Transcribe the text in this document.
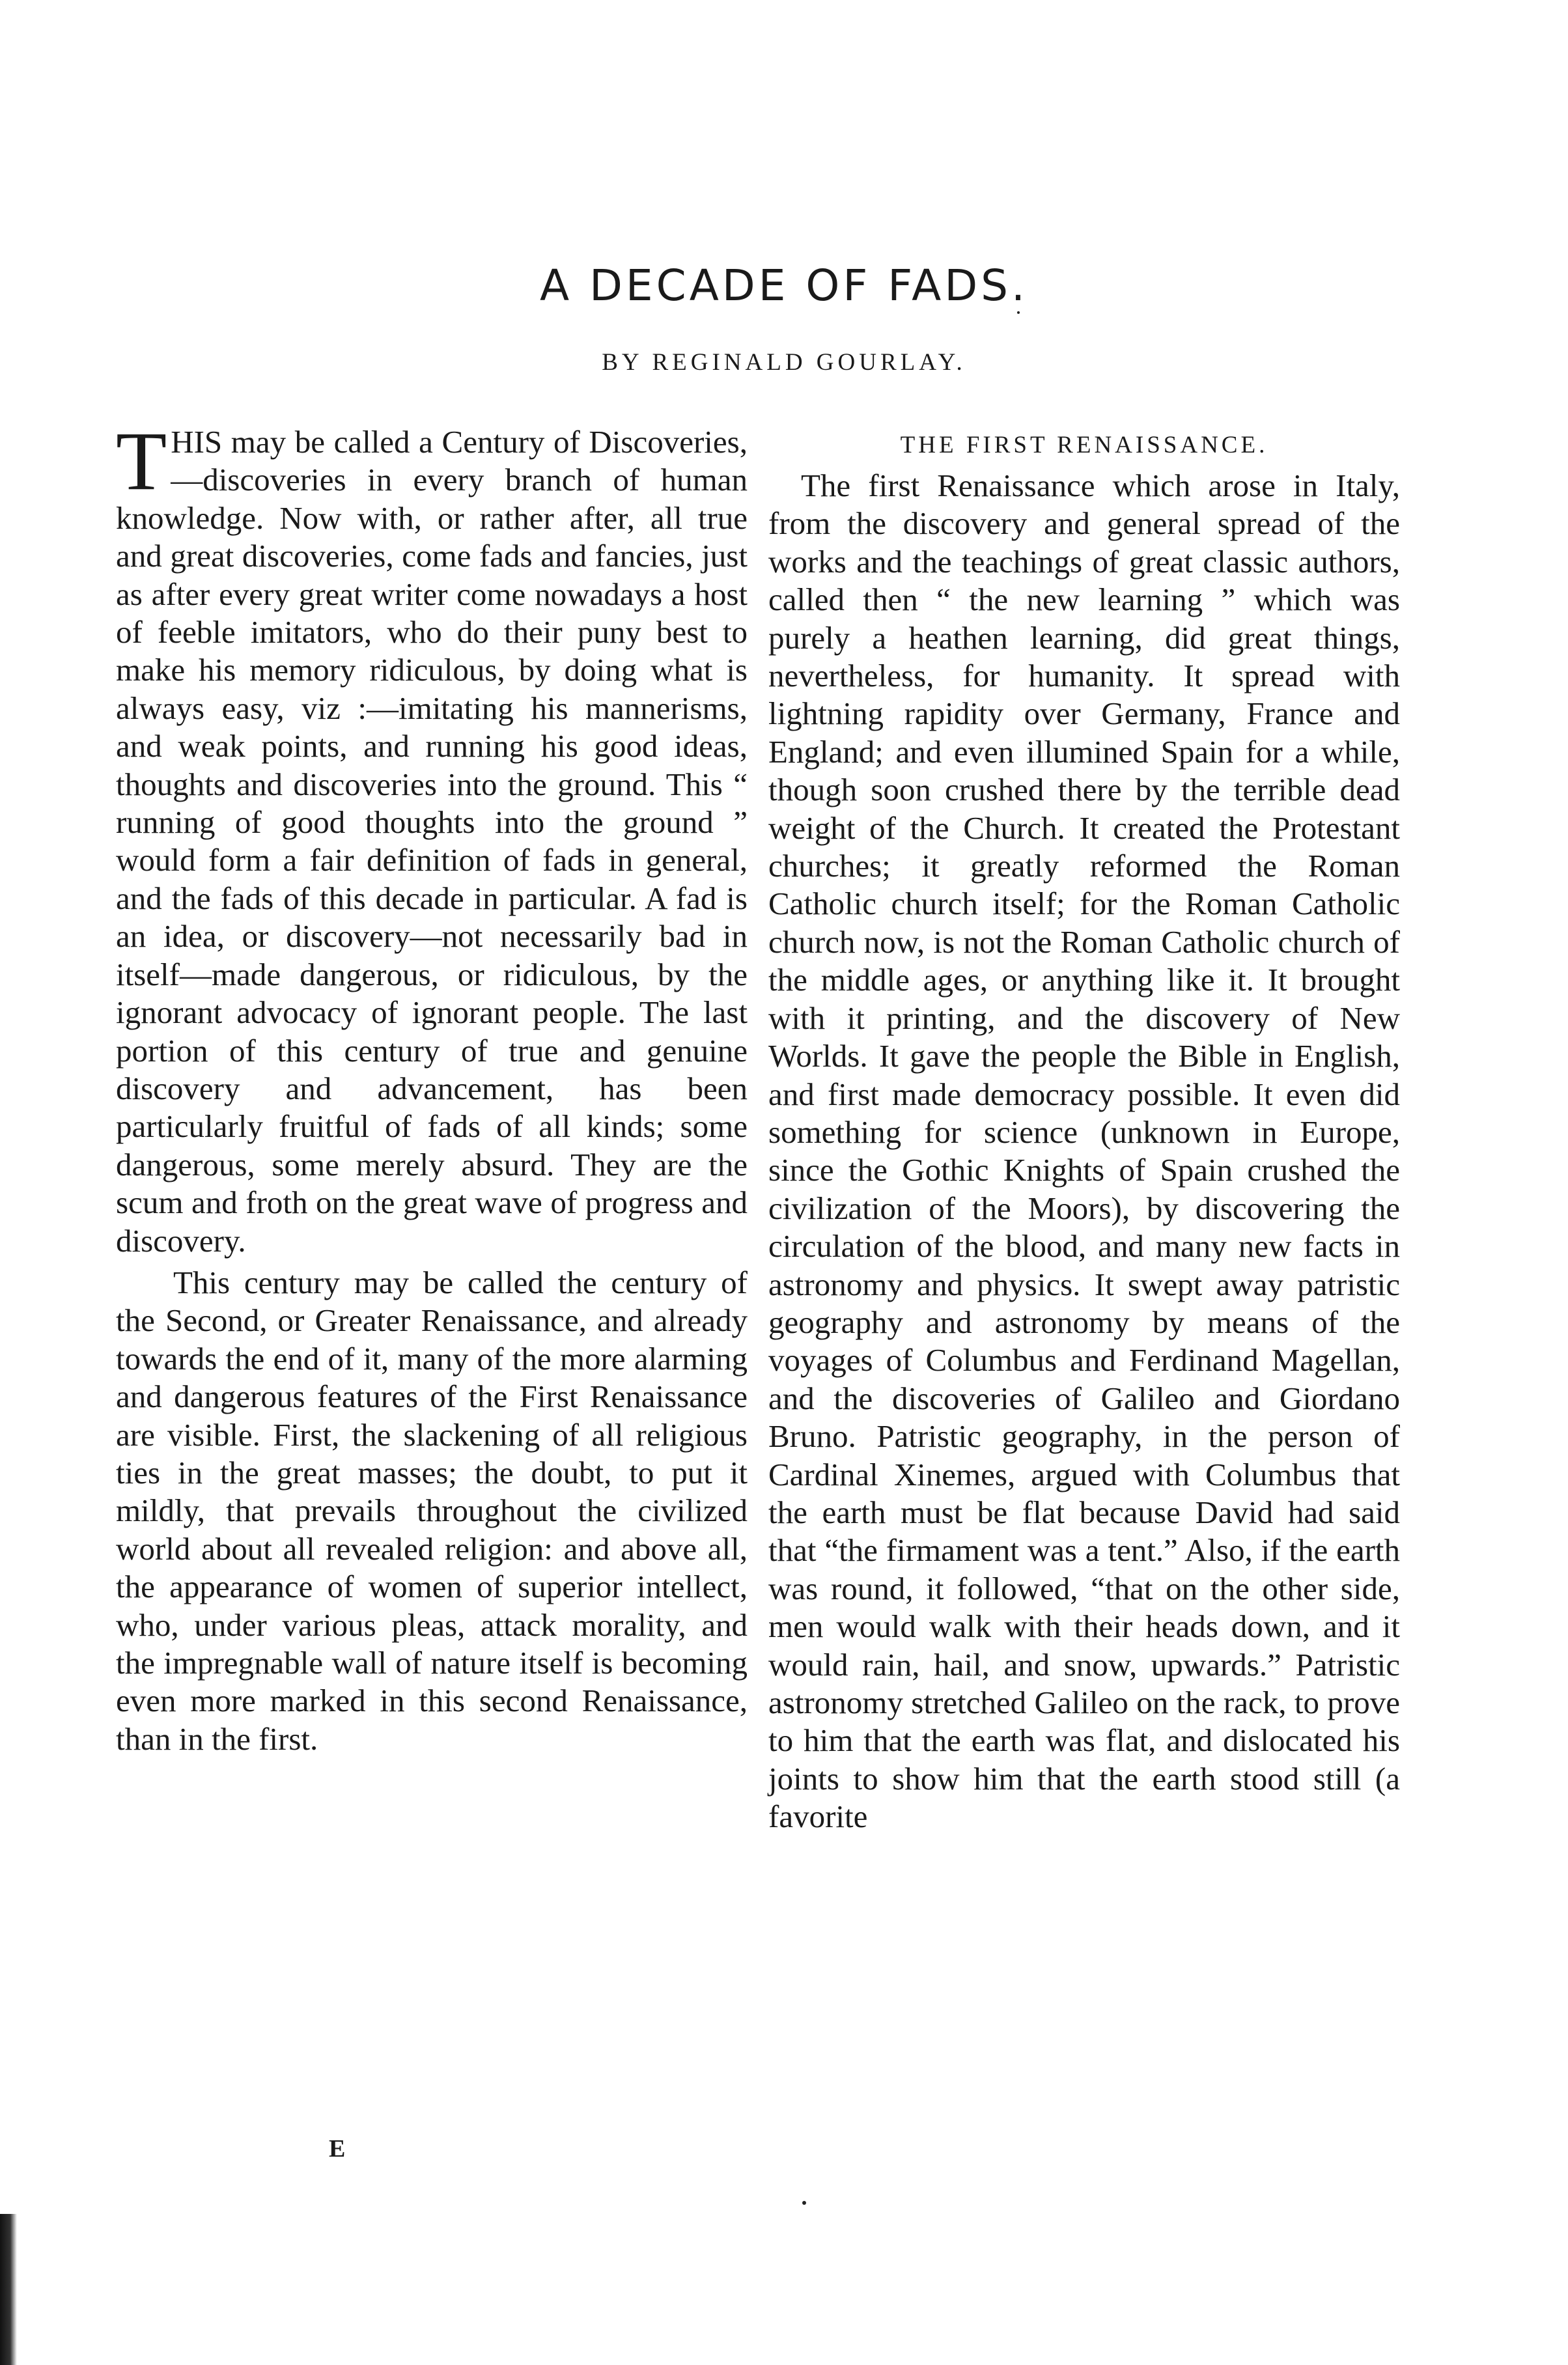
A DECADE OF FADS.
BY REGINALD GOURLAY.

THIS may be called a Century of Discoveries,—discoveries in every branch of human knowledge. Now with, or rather after, all true and great discoveries, come fads and fancies, just as after every great writer come nowadays a host of feeble imitators, who do their puny best to make his memory ridiculous, by doing what is always easy, viz :—imitating his mannerisms, and weak points, and running his good ideas, thoughts and discoveries into the ground. This “ running of good thoughts into the ground ” would form a fair definition of fads in general, and the fads of this decade in particular. A fad is an idea, or discovery—not necessarily bad in itself—made dangerous, or ridiculous, by the ignorant advocacy of ignorant people. The last portion of this century of true and genuine discovery and advancement, has been particularly fruitful of fads of all kinds; some dangerous, some merely absurd. They are the scum and froth on the great wave of progress and discovery.

This century may be called the century of the Second, or Greater Renaissance, and already towards the end of it, many of the more alarming and dangerous features of the First Renaissance are visible. First, the slackening of all religious ties in the great masses; the doubt, to put it mildly, that prevails throughout the civilized world about all revealed religion: and above all, the appearance of women of superior intellect, who, under various pleas, attack morality, and the impregnable wall of nature itself is becoming even more marked in this second Renaissance, than in the first.

THE FIRST RENAISSANCE.

The first Renaissance which arose in Italy, from the discovery and general spread of the works and the teachings of great classic authors, called then “ the new learning ” which was purely a heathen learning, did great things, nevertheless, for humanity. It spread with lightning rapidity over Germany, France and England; and even illumined Spain for a while, though soon crushed there by the terrible dead weight of the Church. It created the Protestant churches; it greatly reformed the Roman Catholic church itself; for the Roman Catholic church now, is not the Roman Catholic church of the middle ages, or anything like it. It brought with it printing, and the discovery of New Worlds. It gave the people the Bible in English, and first made democracy possible. It even did something for science (unknown in Europe, since the Gothic Knights of Spain crushed the civilization of the Moors), by discovering the circulation of the blood, and many new facts in astronomy and physics. It swept away patristic geography and astronomy by means of the voyages of Columbus and Ferdinand Magellan, and the discoveries of Galileo and Giordano Bruno. Patristic geography, in the person of Cardinal Xinemes, argued with Columbus that the earth must be flat because David had said that “the firmament was a tent.” Also, if the earth was round, it followed, “that on the other side, men would walk with their heads down, and it would rain, hail, and snow, upwards.” Patristic astronomy stretched Galileo on the rack, to prove to him that the earth was flat, and dislocated his joints to show him that the earth stood still (a favorite

E
